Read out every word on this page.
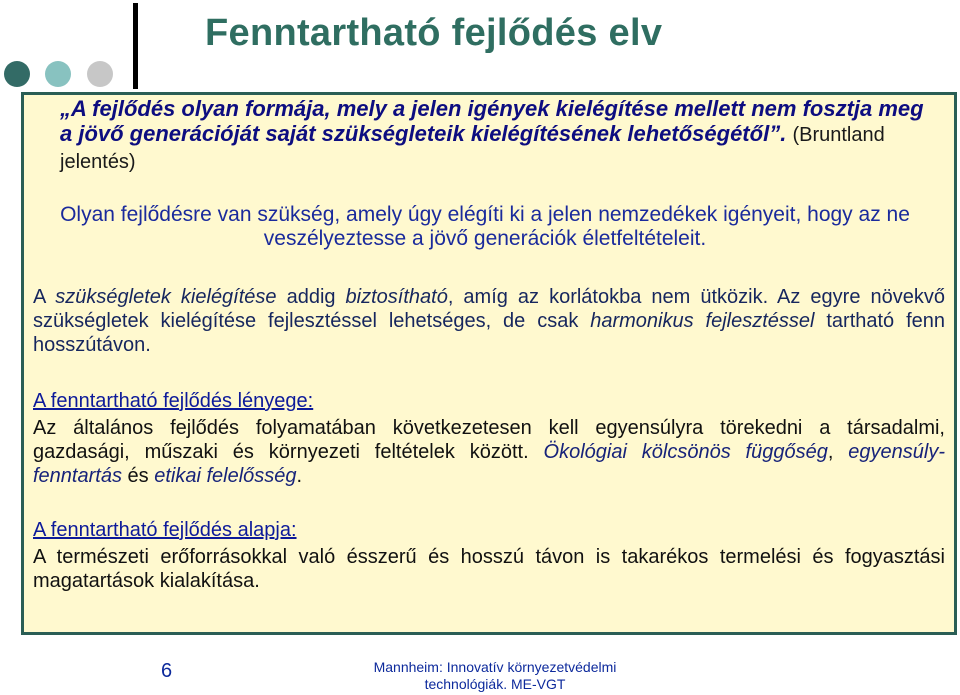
Fenntartható fejlődés elv

„A fejlődés olyan formája, mely a jelen igények kielégítése mellett nem fosztja meg a jövő generációját saját szükségleteik kielégítésének lehetőségétől”. (Bruntland jelentés)

Olyan fejlődésre van szükség, amely úgy elégíti ki a jelen nemzedékek igényeit, hogy az ne veszélyeztesse a jövő generációk életfeltételeit.

A szükségletek kielégítése addig biztosítható, amíg az korlátokba nem ütközik. Az egyre növekvő szükségletek kielégítése fejlesztéssel lehetséges, de csak harmonikus fejlesztéssel tartható fenn hosszútávon.

A fenntartható fejlődés lényege:

Az általános fejlődés folyamatában következetesen kell egyensúlyra törekedni a társadalmi, gazdasági, műszaki és környezeti feltételek között. Ökológiai kölcsönös függőség, egyensúly-fenntartás és etikai felelősség.

A fenntartható fejlődés alapja:

A természeti erőforrásokkal való ésszerű és hosszú távon is takarékos termelési és fogyasztási magatartások kialakítása.

6	Mannheim: Innovatív környezetvédelmi
technológiák. ME-VGT
